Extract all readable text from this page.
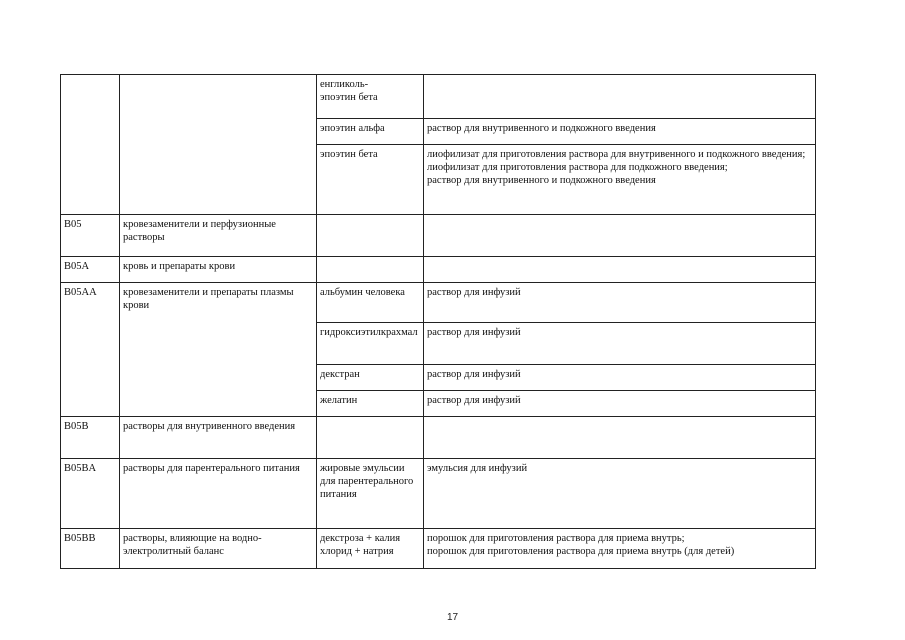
		енгликоль-
эпоэтин бета	
		эпоэтин альфа	раствор для внутривенного и подкожного введения
		эпоэтин бета	лиофилизат для приготовления раствора для внутривенного и подкожного введения;
лиофилизат для приготовления раствора для подкожного введения;
раствор для внутривенного и подкожного введения
B05	кровезаменители и перфузионные растворы		
B05A	кровь и препараты крови		
B05AA	кровезаменители и препараты плазмы крови	альбумин человека	раствор для инфузий
		гидроксиэтилкрахмал	раствор для инфузий
		декстран	раствор для инфузий
		желатин	раствор для инфузий
B05B	растворы для внутривенного введения		
B05BA	растворы для парентерального питания	жировые эмульсии для парентерального питания	эмульсия для инфузий
B05BB	растворы, влияющие на водно-электролитный баланс	декстроза + калия хлорид + натрия	порошок для приготовления раствора для приема внутрь;
порошок для приготовления раствора для приема внутрь (для детей)
17
